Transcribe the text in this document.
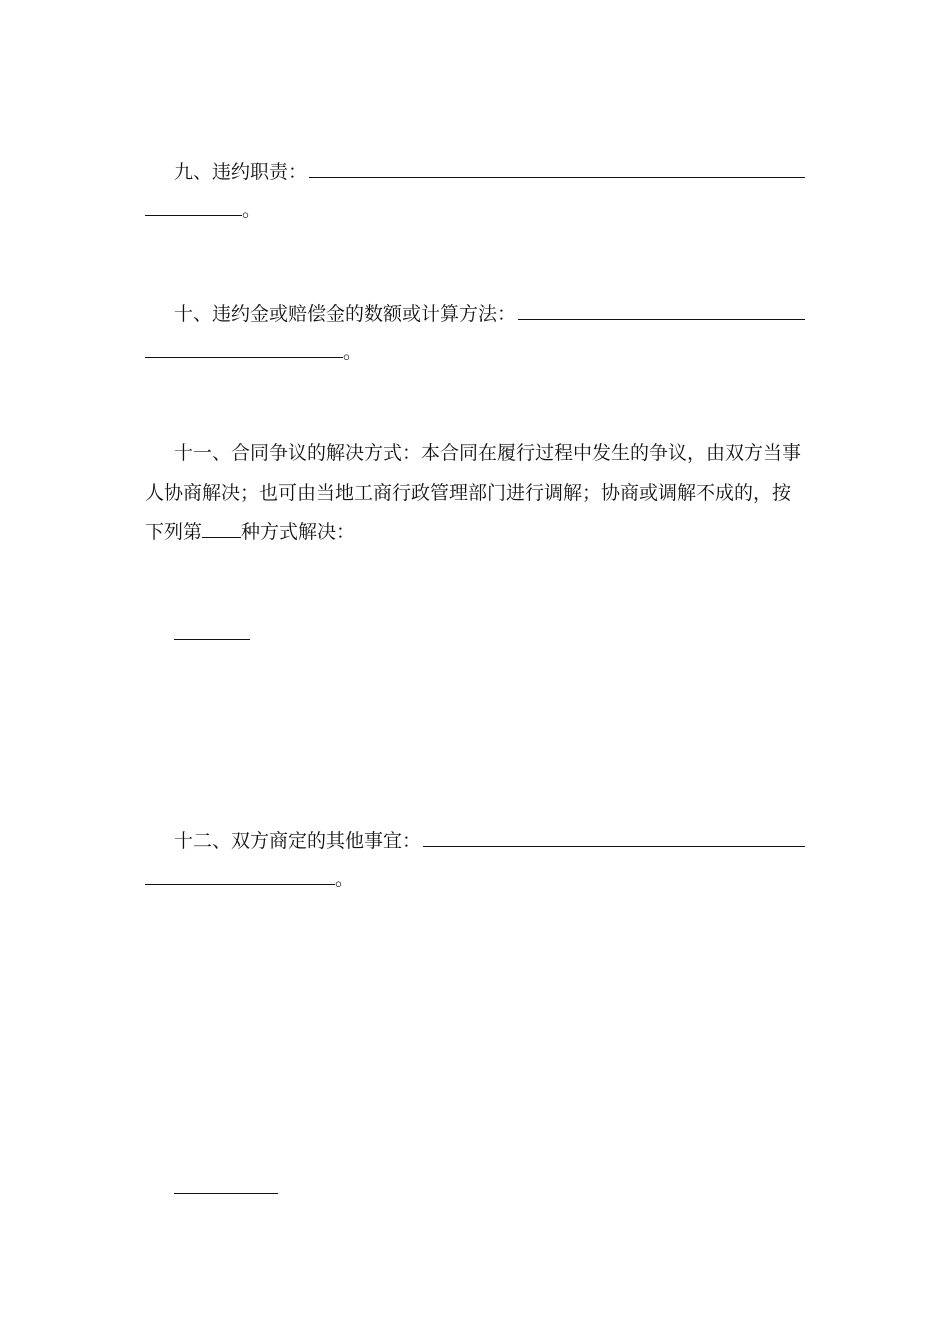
九、违约职责：
。
十、违约金或赔偿金的数额或计算方法：
。
十一、合同争议的解决方式：本合同在履行过程中发生的争议，由双方当事
人协商解决；也可由当地工商行政管理部门进行调解；协商或调解不成的，按
下列第 种方式解决：
十二、双方商定的其他事宜：
。
